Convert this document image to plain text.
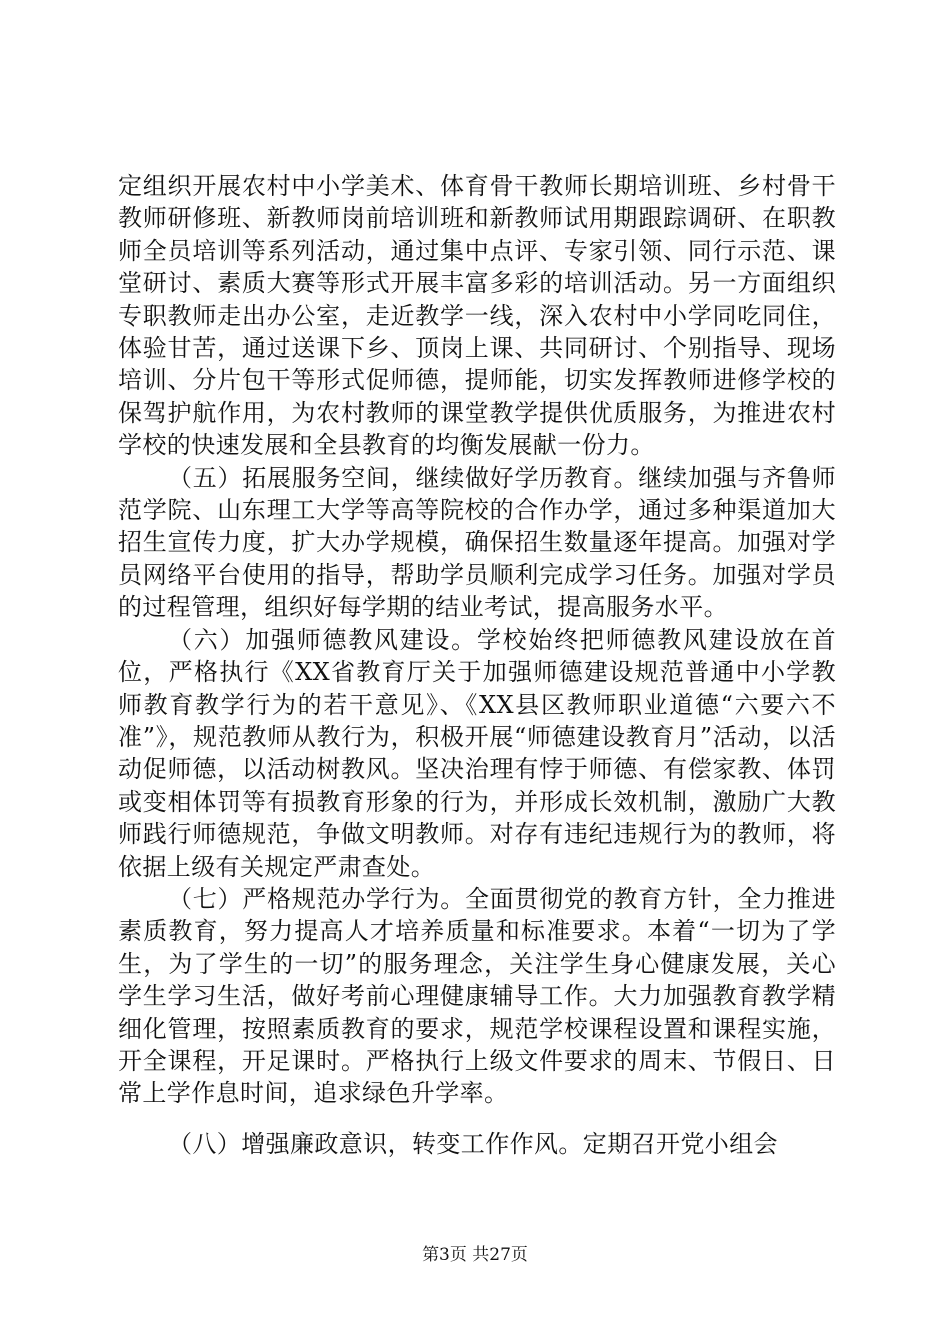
定组织开展农村中小学美术、体育骨干教师长期培训班、乡村骨干教师研修班、新教师岗前培训班和新教师试用期跟踪调研、在职教师全员培训等系列活动，通过集中点评、专家引领、同行示范、课堂研讨、素质大赛等形式开展丰富多彩的培训活动。另一方面组织专职教师走出办公室，走近教学一线，深入农村中小学同吃同住，体验甘苦，通过送课下乡、顶岗上课、共同研讨、个别指导、现场培训、分片包干等形式促师德，提师能，切实发挥教师进修学校的保驾护航作用，为农村教师的课堂教学提供优质服务，为推进农村学校的快速发展和全县教育的均衡发展献一份力。

（五）拓展服务空间，继续做好学历教育。继续加强与齐鲁师范学院、山东理工大学等高等院校的合作办学，通过多种渠道加大招生宣传力度，扩大办学规模，确保招生数量逐年提高。加强对学员网络平台使用的指导，帮助学员顺利完成学习任务。加强对学员的过程管理，组织好每学期的结业考试，提高服务水平。

（六）加强师德教风建设。学校始终把师德教风建设放在首位，严格执行《XX省教育厅关于加强师德建设规范普通中小学教师教育教学行为的若干意见》、《XX县区教师职业道德“六要六不准”》，规范教师从教行为，积极开展“师德建设教育月”活动，以活动促师德，以活动树教风。坚决治理有悖于师德、有偿家教、体罚或变相体罚等有损教育形象的行为，并形成长效机制，激励广大教师践行师德规范，争做文明教师。对存有违纪违规行为的教师，将依据上级有关规定严肃查处。

（七）严格规范办学行为。全面贯彻党的教育方针，全力推进素质教育，努力提高人才培养质量和标准要求。本着“一切为了学生，为了学生的一切”的服务理念，关注学生身心健康发展，关心学生学习生活，做好考前心理健康辅导工作。大力加强教育教学精细化管理，按照素质教育的要求，规范学校课程设置和课程实施，开全课程，开足课时。严格执行上级文件要求的周末、节假日、日常上学作息时间，追求绿色升学率。

（八）增强廉政意识，转变工作作风。定期召开党小组会

第3页 共27页
